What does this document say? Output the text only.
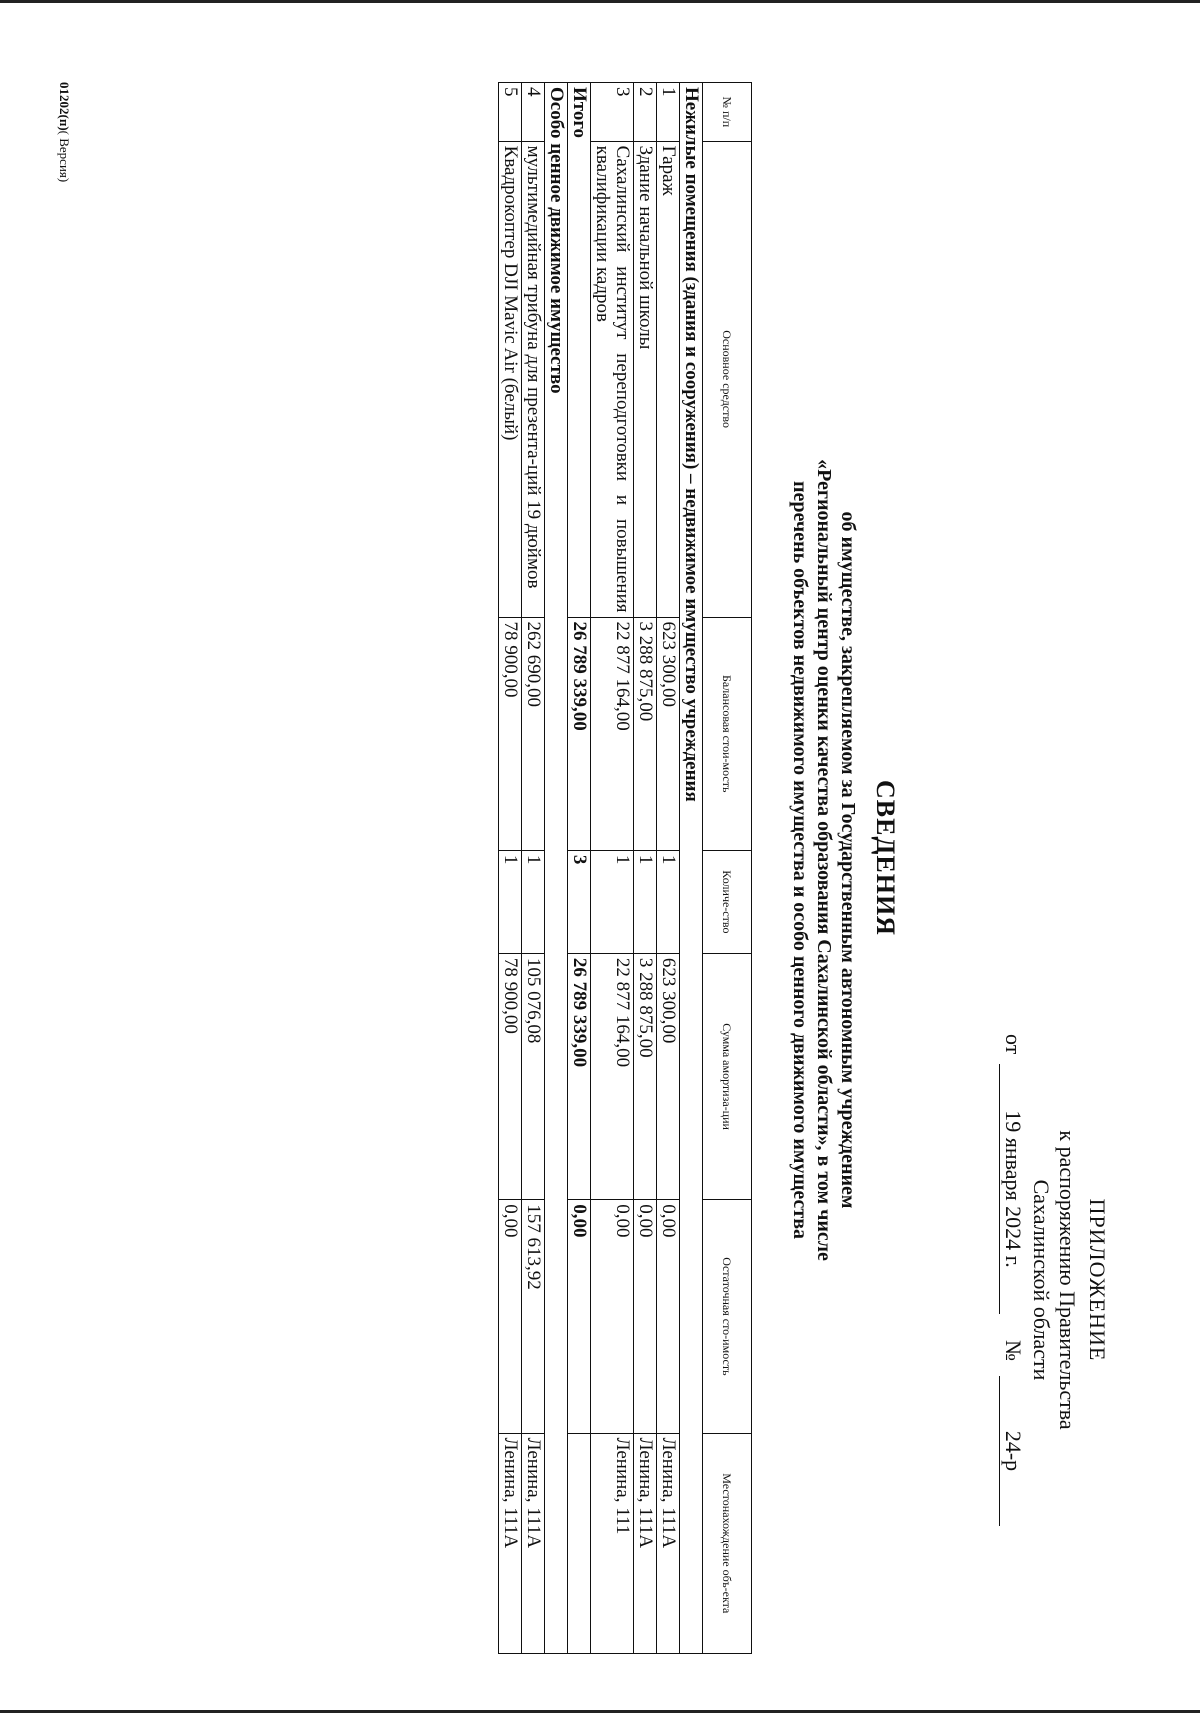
ПРИЛОЖЕНИЕ
к распоряжению Правительства
Сахалинской области
от
19 января 2024 г.
№
24-р
СВЕДЕНИЯ
об имуществе, закрепляемом за Государственным автономным учреждением
«Региональный центр оценки качества образования Сахалинской области», в том числе
перечень объектов недвижимого имущества и особо ценного движимого имущества
№ п/п	Основное средство	Балансовая стои-мость	Количе-ство	Сумма амортиза-ции	Остаточная сто-имость	Местонахождение объ-екта
Нежилые помещения (здания и сооружения) – недвижимое имущество учреждения						
1	Гараж	623 300,00	1	623 300,00	0,00	Ленина, 111А
2	Здание начальной школы	3 288 875,00	1	3 288 875,00	0,00	Ленина, 111А
3	Сахалинский институт переподготовки и повышения квалификации кадров	22 877 164,00	1	22 877 164,00	0,00	Ленина, 111
Итого		26 789 339,00	3	26 789 339,00	0,00	
Особо ценное движимое имущество						
4	мультимедийная трибуна для презента-ций 19 дюймов	262 690,00	1	105 076,08	157 613,92	Ленина, 111А
5	Квадрокоптер DJI Mavic Air (белый)	78 900,00	1	78 900,00	0,00	Ленина, 111А
01202(п)( Версия)
